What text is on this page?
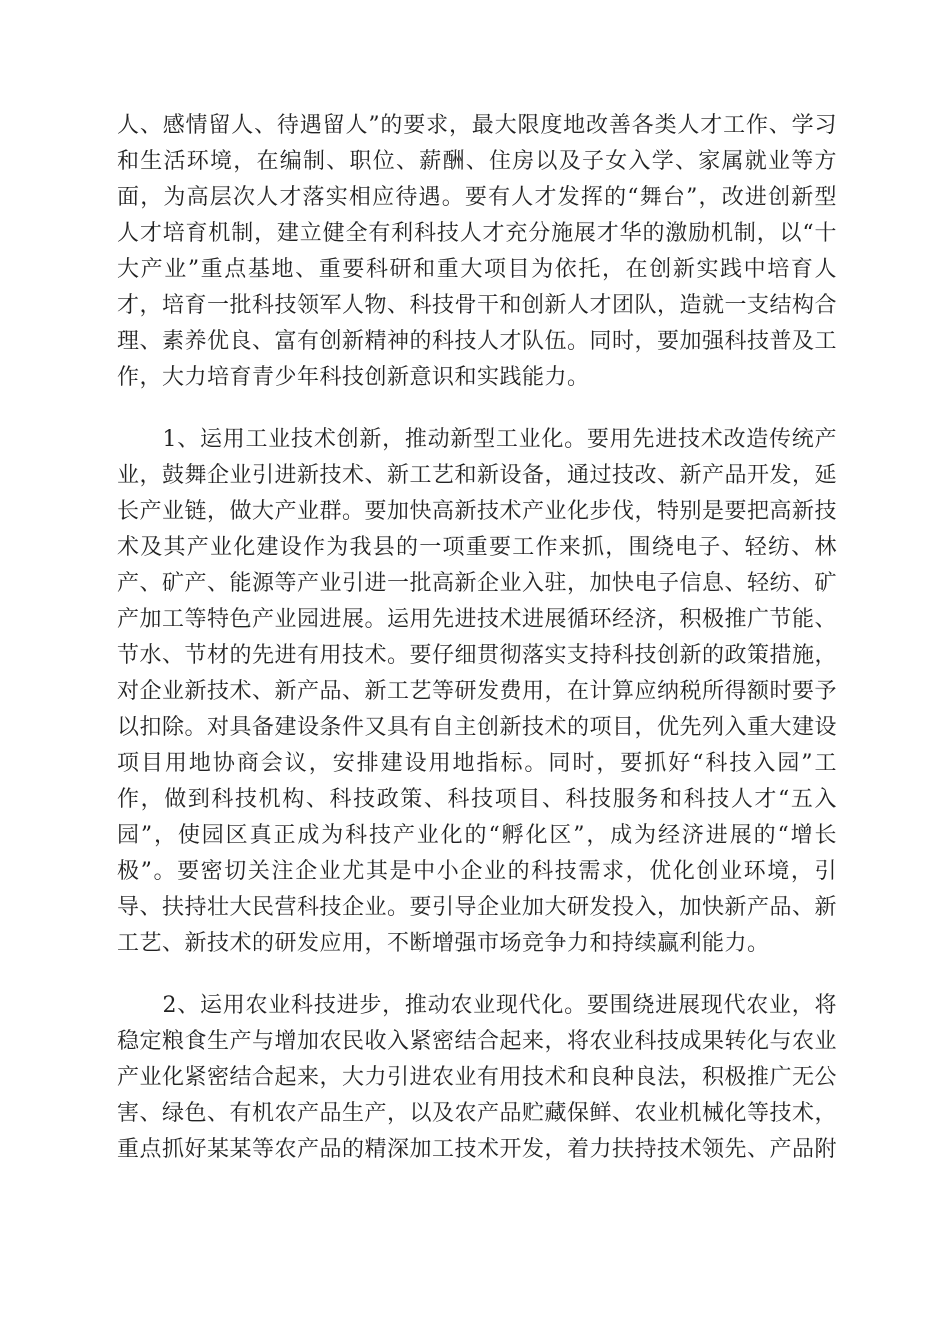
人、感情留人、待遇留人”的要求，最大限度地改善各类人才工作、学习
和生活环境，在编制、职位、薪酬、住房以及子女入学、家属就业等方
面，为高层次人才落实相应待遇。要有人才发挥的“舞台”，改进创新型
人才培育机制，建立健全有利科技人才充分施展才华的激励机制，以“十
大产业”重点基地、重要科研和重大项目为依托，在创新实践中培育人
才，培育一批科技领军人物、科技骨干和创新人才团队，造就一支结构合
理、素养优良、富有创新精神的科技人才队伍。同时，要加强科技普及工
作，大力培育青少年科技创新意识和实践能力。
　　1、运用工业技术创新，推动新型工业化。要用先进技术改造传统产
业，鼓舞企业引进新技术、新工艺和新设备，通过技改、新产品开发，延
长产业链，做大产业群。要加快高新技术产业化步伐，特别是要把高新技
术及其产业化建设作为我县的一项重要工作来抓，围绕电子、轻纺、林
产、矿产、能源等产业引进一批高新企业入驻，加快电子信息、轻纺、矿
产加工等特色产业园进展。运用先进技术进展循环经济，积极推广节能、
节水、节材的先进有用技术。要仔细贯彻落实支持科技创新的政策措施，
对企业新技术、新产品、新工艺等研发费用，在计算应纳税所得额时要予
以扣除。对具备建设条件又具有自主创新技术的项目，优先列入重大建设
项目用地协商会议，安排建设用地指标。同时，要抓好“科技入园”工
作，做到科技机构、科技政策、科技项目、科技服务和科技人才“五入
园”，使园区真正成为科技产业化的“孵化区”，成为经济进展的“增长
极”。要密切关注企业尤其是中小企业的科技需求，优化创业环境，引
导、扶持壮大民营科技企业。要引导企业加大研发投入，加快新产品、新
工艺、新技术的研发应用，不断增强市场竞争力和持续赢利能力。
　　2、运用农业科技进步，推动农业现代化。要围绕进展现代农业，将
稳定粮食生产与增加农民收入紧密结合起来，将农业科技成果转化与农业
产业化紧密结合起来，大力引进农业有用技术和良种良法，积极推广无公
害、绿色、有机农产品生产，以及农产品贮藏保鲜、农业机械化等技术，
重点抓好某某等农产品的精深加工技术开发，着力扶持技术领先、产品附
